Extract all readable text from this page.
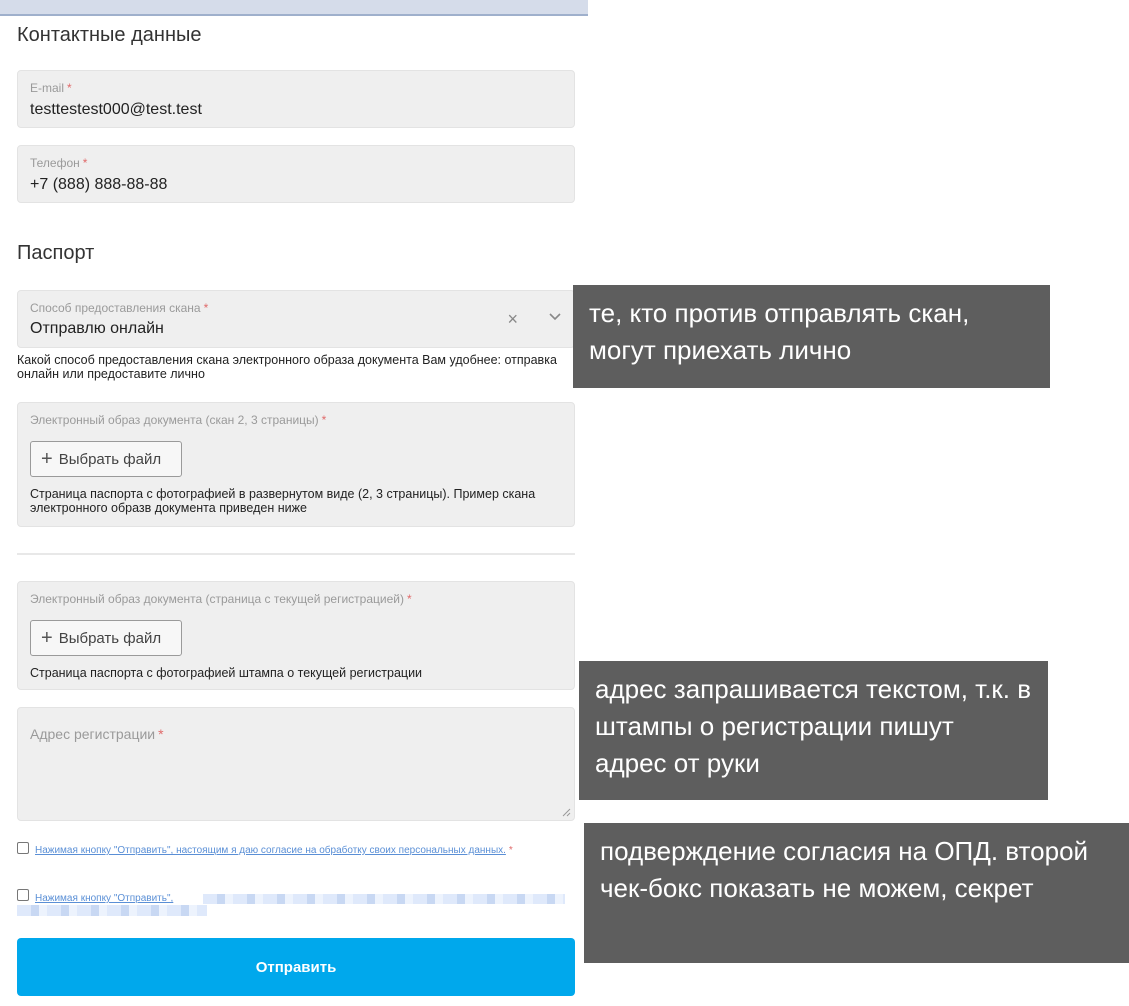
Контактные данные
E-mail *
testtestest000@test.test
Телефон *
+7 (888) 888-88-88
Паспорт
Способ предоставления скана *
Отправлю онлайн	×
Какой способ предоставления скана электронного образа документа Вам удобнее: отправка онлайн или предоставите лично
Электронный образ документа (скан 2, 3 страницы) *
+ Выбрать файл
Страница паспорта с фотографией в развернутом виде (2, 3 страницы). Пример скана электронного образв документа приведен ниже
Электронный образ документа (страница с текущей регистрацией) *
+ Выбрать файл
Страница паспорта с фотографией штампа о текущей регистрации
Адрес регистрации *
Нажимая кнопку "Отправить", настоящим я даю согласие на обработку своих персональных данных. *
Нажимая кнопку "Отправить",
Отправить
те, кто против отправлять скан, могут приехать лично
адрес запрашивается текстом, т.к. в штампы о регистрации пишут адрес от руки
подверждение согласия на ОПД. второй чек-бокс показать не можем, секрет
